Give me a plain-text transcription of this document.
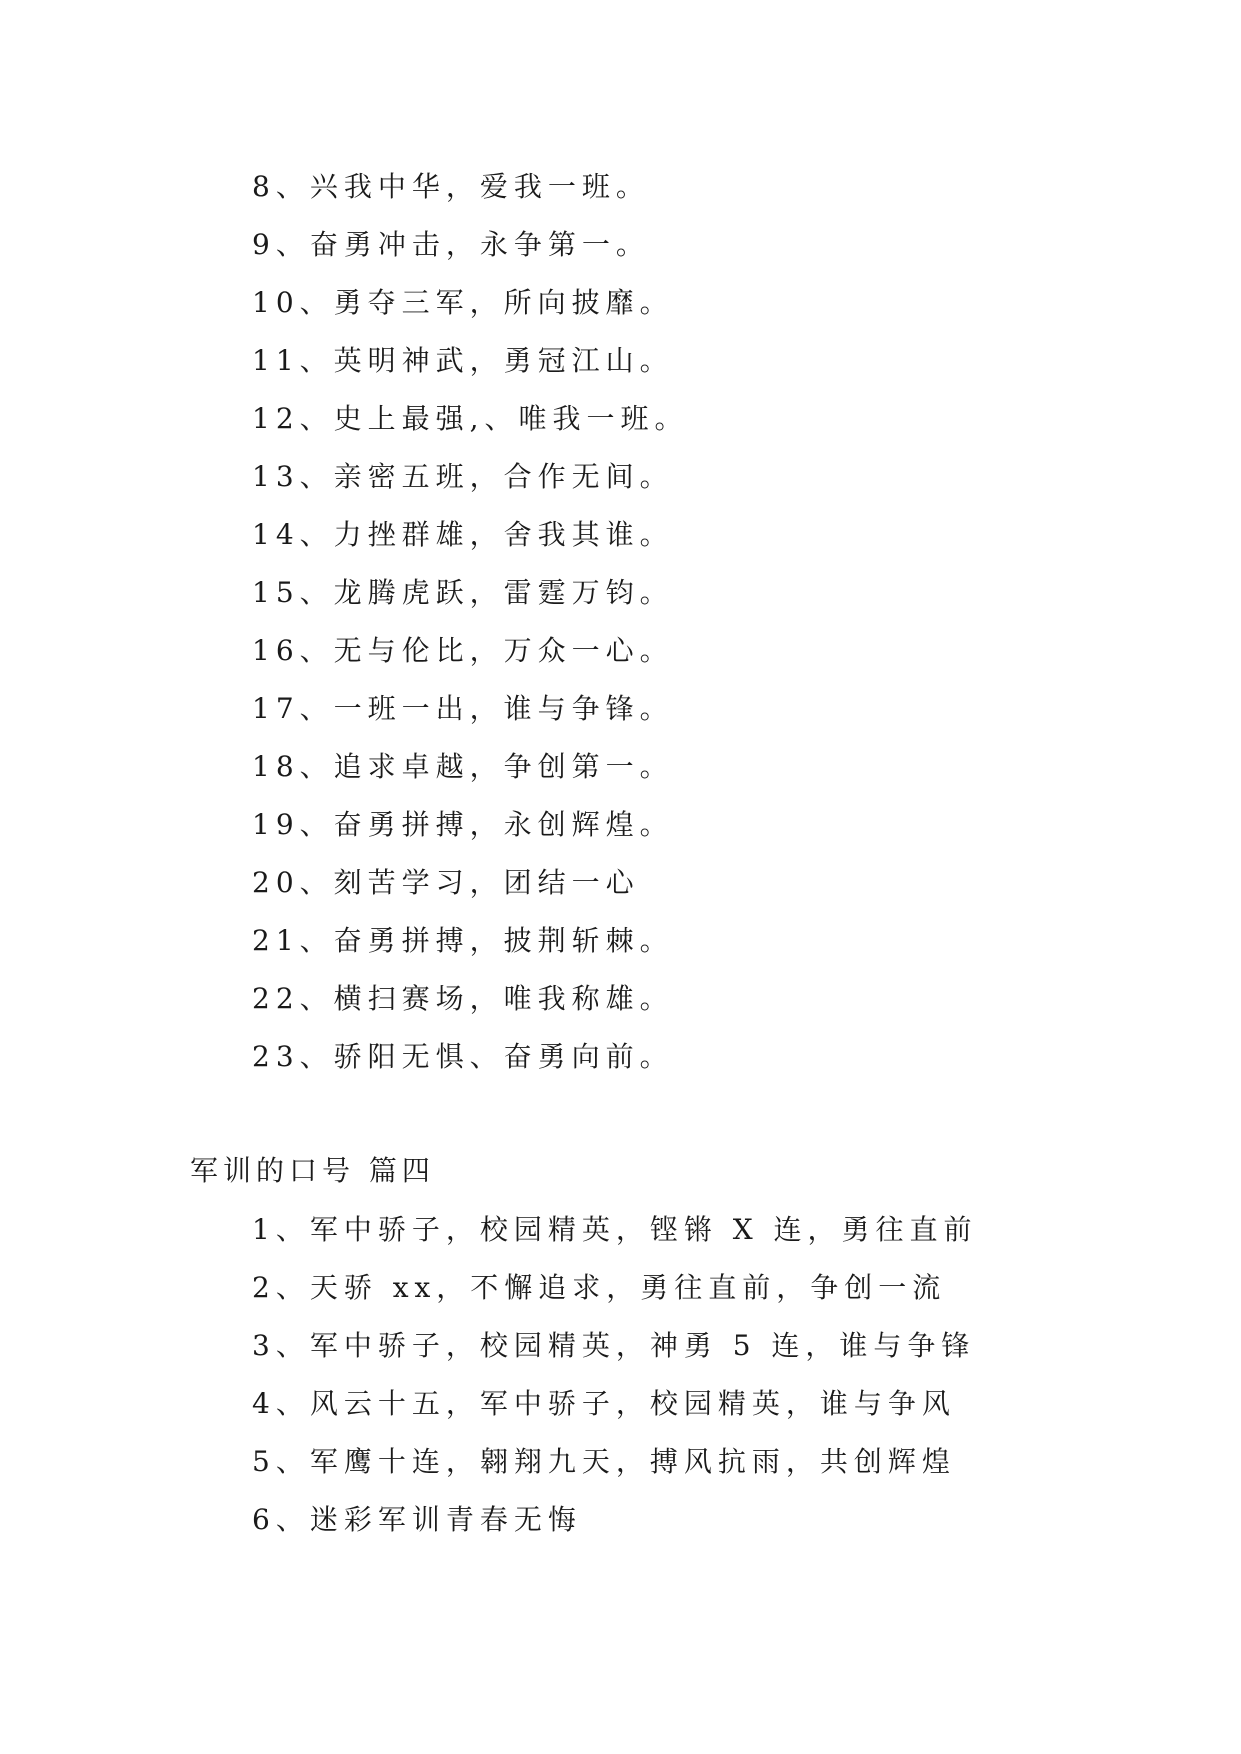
8、兴我中华，爱我一班。
9、奋勇冲击，永争第一。
10、勇夺三军，所向披靡。
11、英明神武，勇冠江山。
12、史上最强,、唯我一班。
13、亲密五班，合作无间。
14、力挫群雄，舍我其谁。
15、龙腾虎跃，雷霆万钧。
16、无与伦比，万众一心。
17、一班一出，谁与争锋。
18、追求卓越，争创第一。
19、奋勇拼搏，永创辉煌。
20、刻苦学习，团结一心
21、奋勇拼搏，披荆斩棘。
22、横扫赛场，唯我称雄。
23、骄阳无惧、奋勇向前。
军训的口号 篇四
1、军中骄子，校园精英，铿锵 X 连，勇往直前
2、天骄 xx，不懈追求，勇往直前，争创一流
3、军中骄子，校园精英，神勇 5 连，谁与争锋
4、风云十五，军中骄子，校园精英，谁与争风
5、军鹰十连，翱翔九天，搏风抗雨，共创辉煌
6、迷彩军训青春无悔
